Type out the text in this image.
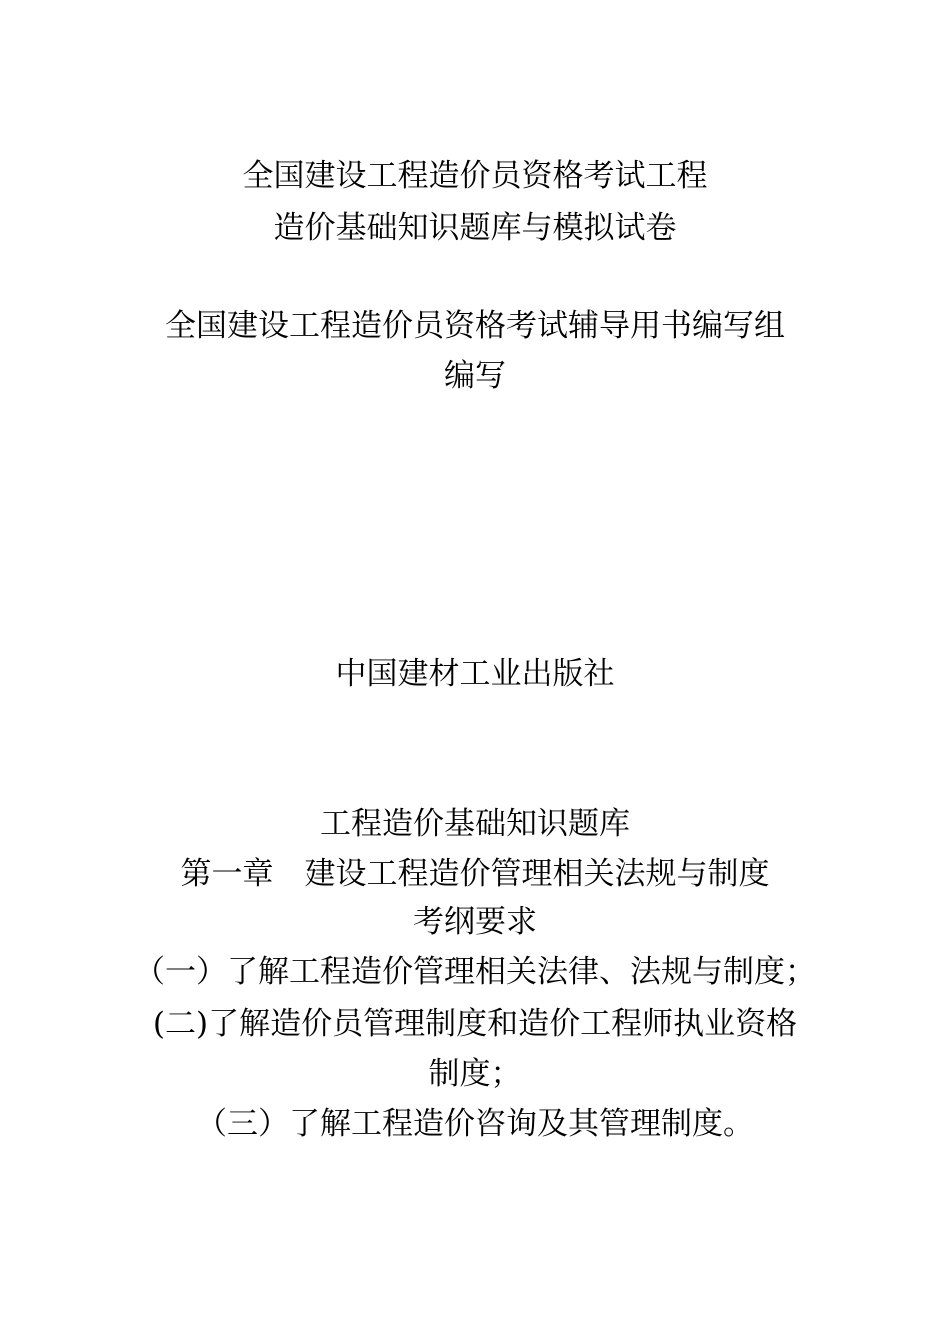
全国建设工程造价员资格考试工程
造价基础知识题库与模拟试卷
全国建设工程造价员资格考试辅导用书编写组
编写
中国建材工业出版社
工程造价基础知识题库
第一章　建设工程造价管理相关法规与制度
考纲要求
（一）了解工程造价管理相关法律、法规与制度；
(二)了解造价员管理制度和造价工程师执业资格
制度；
（三）了解工程造价咨询及其管理制度。
